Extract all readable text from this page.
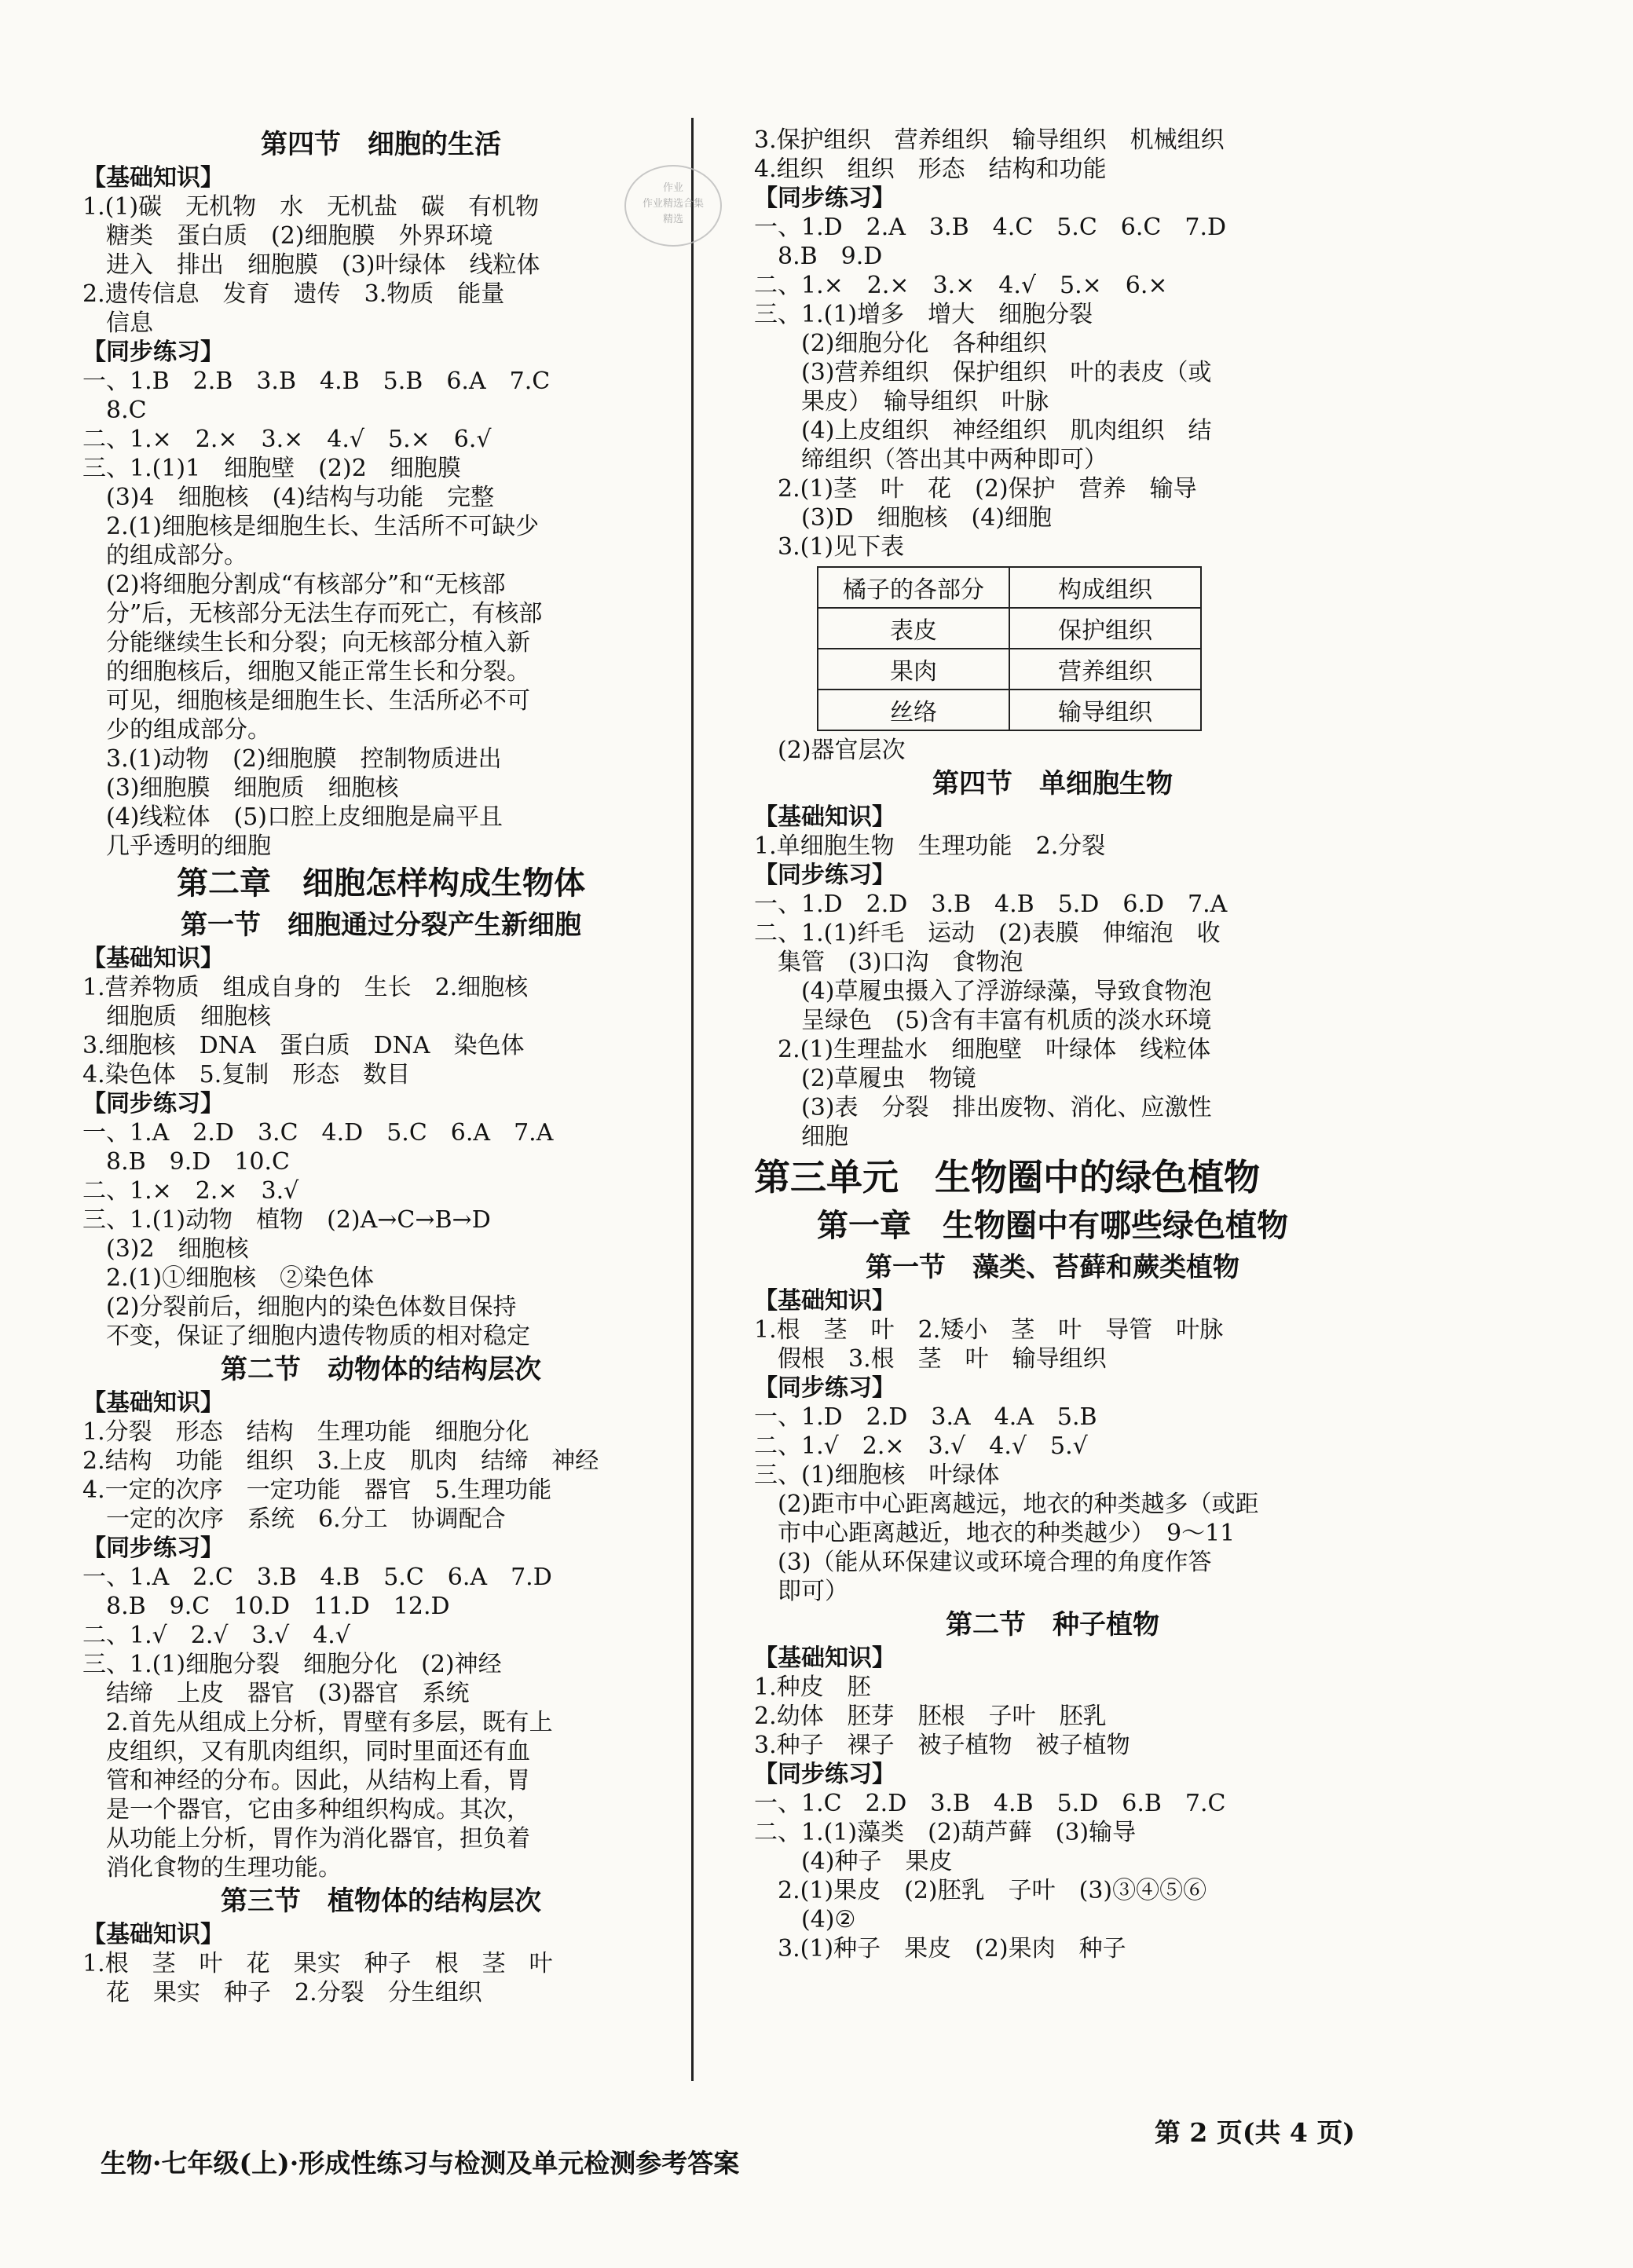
作业
作业精选合集
精选
第四节　细胞的生活
【基础知识】
1.(1)碳　无机物　水　无机盐　碳　有机物
糖类　蛋白质　(2)细胞膜　外界环境
进入　排出　细胞膜　(3)叶绿体　线粒体
2.遗传信息　发育　遗传　3.物质　能量
信息
【同步练习】
一、1.B　2.B　3.B　4.B　5.B　6.A　7.C
8.C
二、1.×　2.×　3.×　4.√　5.×　6.√
三、1.(1)1　细胞壁　(2)2　细胞膜
(3)4　细胞核　(4)结构与功能　完整
2.(1)细胞核是细胞生长、生活所不可缺少
的组成部分。
(2)将细胞分割成“有核部分”和“无核部
分”后，无核部分无法生存而死亡，有核部
分能继续生长和分裂；向无核部分植入新
的细胞核后，细胞又能正常生长和分裂。
可见，细胞核是细胞生长、生活所必不可
少的组成部分。
3.(1)动物　(2)细胞膜　控制物质进出
(3)细胞膜　细胞质　细胞核
(4)线粒体　(5)口腔上皮细胞是扁平且
几乎透明的细胞
第二章　细胞怎样构成生物体
第一节　细胞通过分裂产生新细胞
【基础知识】
1.营养物质　组成自身的　生长　2.细胞核
细胞质　细胞核
3.细胞核　DNA　蛋白质　DNA　染色体
4.染色体　5.复制　形态　数目
【同步练习】
一、1.A　2.D　3.C　4.D　5.C　6.A　7.A
8.B　9.D　10.C
二、1.×　2.×　3.√
三、1.(1)动物　植物　(2)A→C→B→D
(3)2　细胞核
2.(1)①细胞核　②染色体
(2)分裂前后，细胞内的染色体数目保持
不变，保证了细胞内遗传物质的相对稳定
第二节　动物体的结构层次
【基础知识】
1.分裂　形态　结构　生理功能　细胞分化
2.结构　功能　组织　3.上皮　肌肉　结缔　神经
4.一定的次序　一定功能　器官　5.生理功能
一定的次序　系统　6.分工　协调配合
【同步练习】
一、1.A　2.C　3.B　4.B　5.C　6.A　7.D
8.B　9.C　10.D　11.D　12.D
二、1.√　2.√　3.√　4.√
三、1.(1)细胞分裂　细胞分化　(2)神经
结缔　上皮　器官　(3)器官　系统
2.首先从组成上分析，胃壁有多层，既有上
皮组织，又有肌肉组织，同时里面还有血
管和神经的分布。因此，从结构上看，胃
是一个器官，它由多种组织构成。其次，
从功能上分析，胃作为消化器官，担负着
消化食物的生理功能。
第三节　植物体的结构层次
【基础知识】
1.根　茎　叶　花　果实　种子　根　茎　叶
花　果实　种子　2.分裂　分生组织
3.保护组织　营养组织　输导组织　机械组织
4.组织　组织　形态　结构和功能
【同步练习】
一、1.D　2.A　3.B　4.C　5.C　6.C　7.D
8.B　9.D
二、1.×　2.×　3.×　4.√　5.×　6.×
三、1.(1)增多　增大　细胞分裂
(2)细胞分化　各种组织
(3)营养组织　保护组织　叶的表皮（或
果皮）　输导组织　叶脉
(4)上皮组织　神经组织　肌肉组织　结
缔组织（答出其中两种即可）
2.(1)茎　叶　花　(2)保护　营养　输导
(3)D　细胞核　(4)细胞
3.(1)见下表
橘子的各部分	构成组织
表皮	保护组织
果肉	营养组织
丝络	输导组织
(2)器官层次
第四节　单细胞生物
【基础知识】
1.单细胞生物　生理功能　2.分裂
【同步练习】
一、1.D　2.D　3.B　4.B　5.D　6.D　7.A
二、1.(1)纤毛　运动　(2)表膜　伸缩泡　收
集管　(3)口沟　食物泡
(4)草履虫摄入了浮游绿藻，导致食物泡
呈绿色　(5)含有丰富有机质的淡水环境
2.(1)生理盐水　细胞壁　叶绿体　线粒体
(2)草履虫　物镜
(3)表　分裂　排出废物、消化、应激性
细胞
第三单元　生物圈中的绿色植物
第一章　生物圈中有哪些绿色植物
第一节　藻类、苔藓和蕨类植物
【基础知识】
1.根　茎　叶　2.矮小　茎　叶　导管　叶脉
假根　3.根　茎　叶　输导组织
【同步练习】
一、1.D　2.D　3.A　4.A　5.B
二、1.√　2.×　3.√　4.√　5.√
三、(1)细胞核　叶绿体
(2)距市中心距离越远，地衣的种类越多（或距
市中心距离越近，地衣的种类越少）　9～11
(3)（能从环保建议或环境合理的角度作答
即可）
第二节　种子植物
【基础知识】
1.种皮　胚
2.幼体　胚芽　胚根　子叶　胚乳
3.种子　裸子　被子植物　被子植物
【同步练习】
一、1.C　2.D　3.B　4.B　5.D　6.B　7.C
二、1.(1)藻类　(2)葫芦藓　(3)输导
(4)种子　果皮
2.(1)果皮　(2)胚乳　子叶　(3)③④⑤⑥
(4)②
3.(1)种子　果皮　(2)果肉　种子

生物·七年级(上)·形成性练习与检测及单元检测参考答案

第 2 页(共 4 页)
